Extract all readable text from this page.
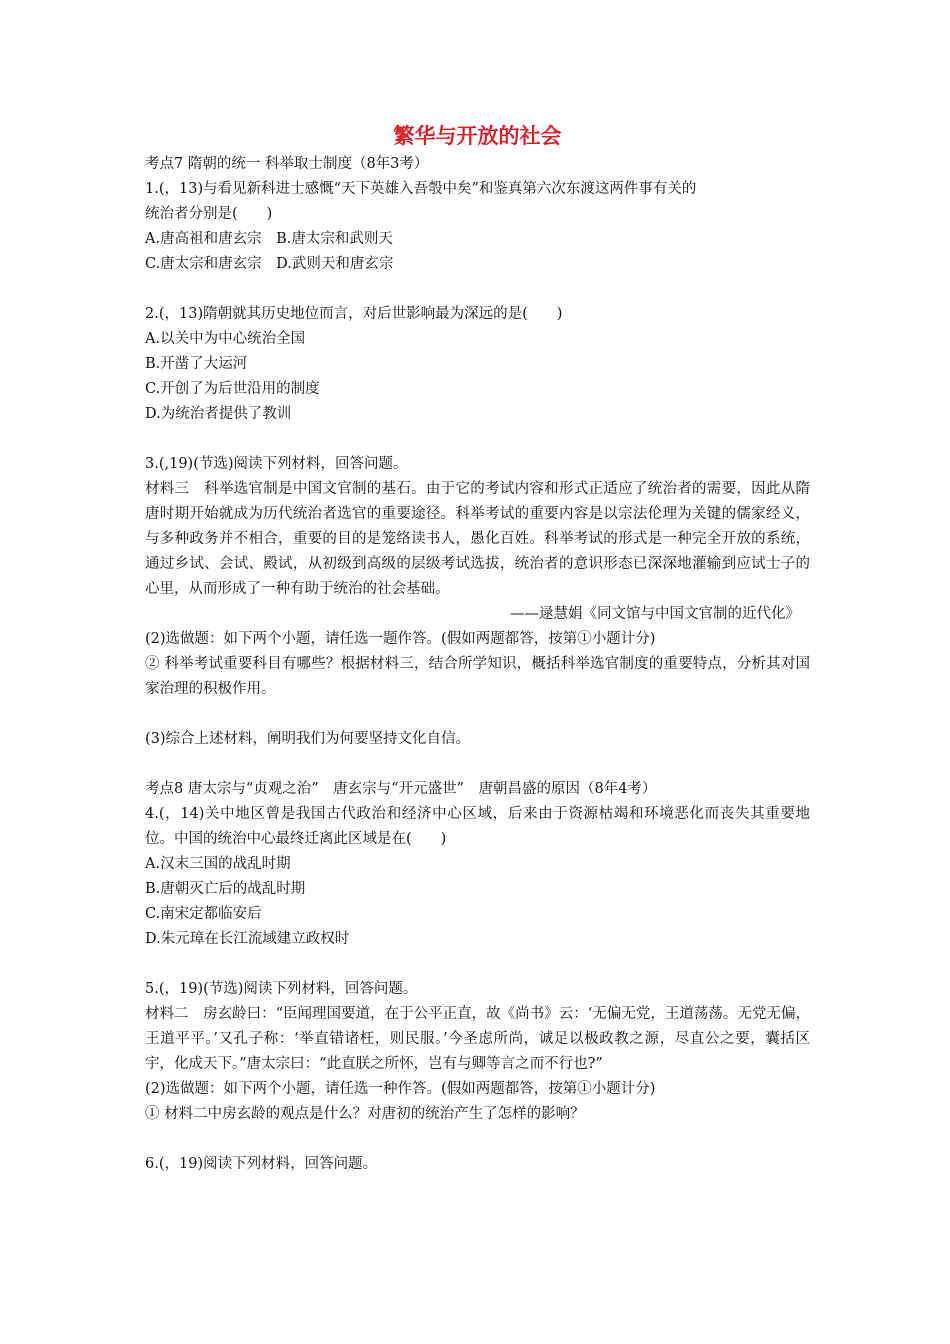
繁华与开放的社会

考点7 隋朝的统一 科举取士制度（8年3考）

1.(，13)与看见新科进士感慨“天下英雄入吾彀中矣”和鉴真第六次东渡这两件事有关的

统治者分别是(　　)

A.唐高祖和唐玄宗　B.唐太宗和武则天

C.唐太宗和唐玄宗　D.武则天和唐玄宗

2.(，13)隋朝就其历史地位而言，对后世影响最为深远的是(　　)

A.以关中为中心统治全国

B.开凿了大运河

C.开创了为后世沿用的制度

D.为统治者提供了教训

3.(,19)(节选)阅读下列材料，回答问题。

材料三　科举选官制是中国文官制的基石。由于它的考试内容和形式正适应了统治者的需要，因此从隋唐时期开始就成为历代统治者选官的重要途径。科举考试的重要内容是以宗法伦理为关键的儒家经义，与多种政务并不相合，重要的目的是笼络读书人，愚化百姓。科举考试的形式是一种完全开放的系统，通过乡试、会试、殿试，从初级到高级的层级考试选拔，统治者的意识形态已深深地灌输到应试士子的心里，从而形成了一种有助于统治的社会基础。

——逯慧娟《同文馆与中国文官制的近代化》

(2)选做题：如下两个小题，请任选一题作答。(假如两题都答，按第①小题计分)

② 科举考试重要科目有哪些？根据材料三，结合所学知识，概括科举选官制度的重要特点，分析其对国家治理的积极作用。

(3)综合上述材料，阐明我们为何要坚持文化自信。

考点8 唐太宗与“贞观之治”　唐玄宗与“开元盛世”　唐朝昌盛的原因（8年4考）

4.(，14)关中地区曾是我国古代政治和经济中心区域，后来由于资源枯竭和环境恶化而丧失其重要地位。中国的统治中心最终迁离此区域是在(　　)

A.汉末三国的战乱时期

B.唐朝灭亡后的战乱时期

C.南宋定都临安后

D.朱元璋在长江流域建立政权时

5.(，19)(节选)阅读下列材料，回答问题。

材料二　房玄龄曰：“臣闻理国要道，在于公平正直，故《尚书》云：‘无偏无党，王道荡荡。无党无偏，王道平平。’又孔子称：‘举直错诸枉，则民服。’今圣虑所尚，诚足以极政教之源，尽直公之要，囊括区宇，化成天下。”唐太宗曰：“此直朕之所怀，岂有与卿等言之而不行也?”

(2)选做题：如下两个小题，请任选一种作答。(假如两题都答，按第①小题计分)

① 材料二中房玄龄的观点是什么？对唐初的统治产生了怎样的影响？

6.(，19)阅读下列材料，回答问题。
